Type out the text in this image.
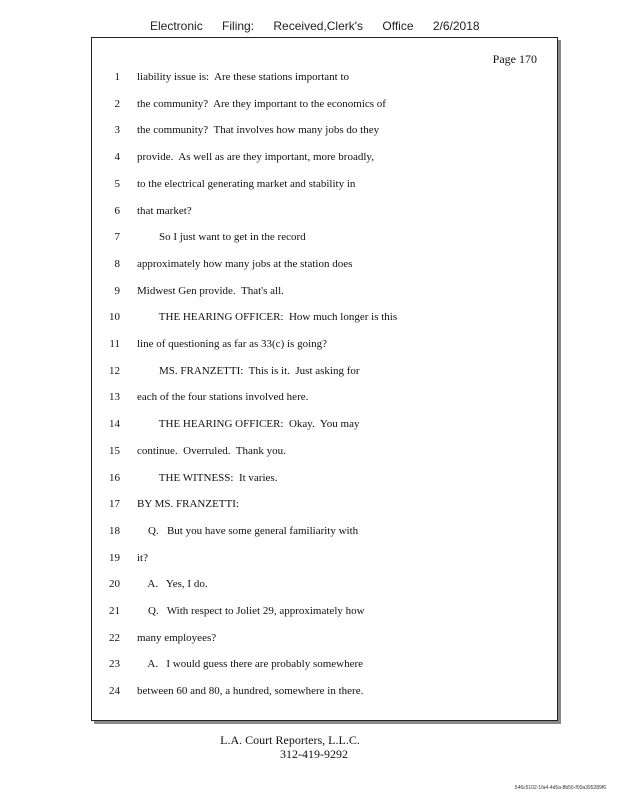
Electronic Filing: Received,Clerk's Office 2/6/2018
Page 170
1 liability issue is:  Are these stations important to
2 the community?  Are they important to the economics of
3 the community?  That involves how many jobs do they
4 provide.  As well as are they important, more broadly,
5 to the electrical generating market and stability in
6 that market?
7 So I just want to get in the record
8 approximately how many jobs at the station does
9 Midwest Gen provide.  That's all.
10 THE HEARING OFFICER:  How much longer is this
11 line of questioning as far as 33(c) is going?
12 MS. FRANZETTI:  This is it.  Just asking for
13 each of the four stations involved here.
14 THE HEARING OFFICER:  Okay.  You may
15 continue.  Overruled.  Thank you.
16 THE WITNESS:  It varies.
17 BY MS. FRANZETTI:
18 Q.   But you have some general familiarity with
19 it?
20 A.   Yes, I do.
21 Q.   With respect to Joliet 29, approximately how
22 many employees?
23 A.   I would guess there are probably somewhere
24 between 60 and 80, a hundred, somewhere in there.
L.A. Court Reporters, L.L.C.
312-419-9292
546c5102-1fa4-4d5a-8b56-f00a395289f6
